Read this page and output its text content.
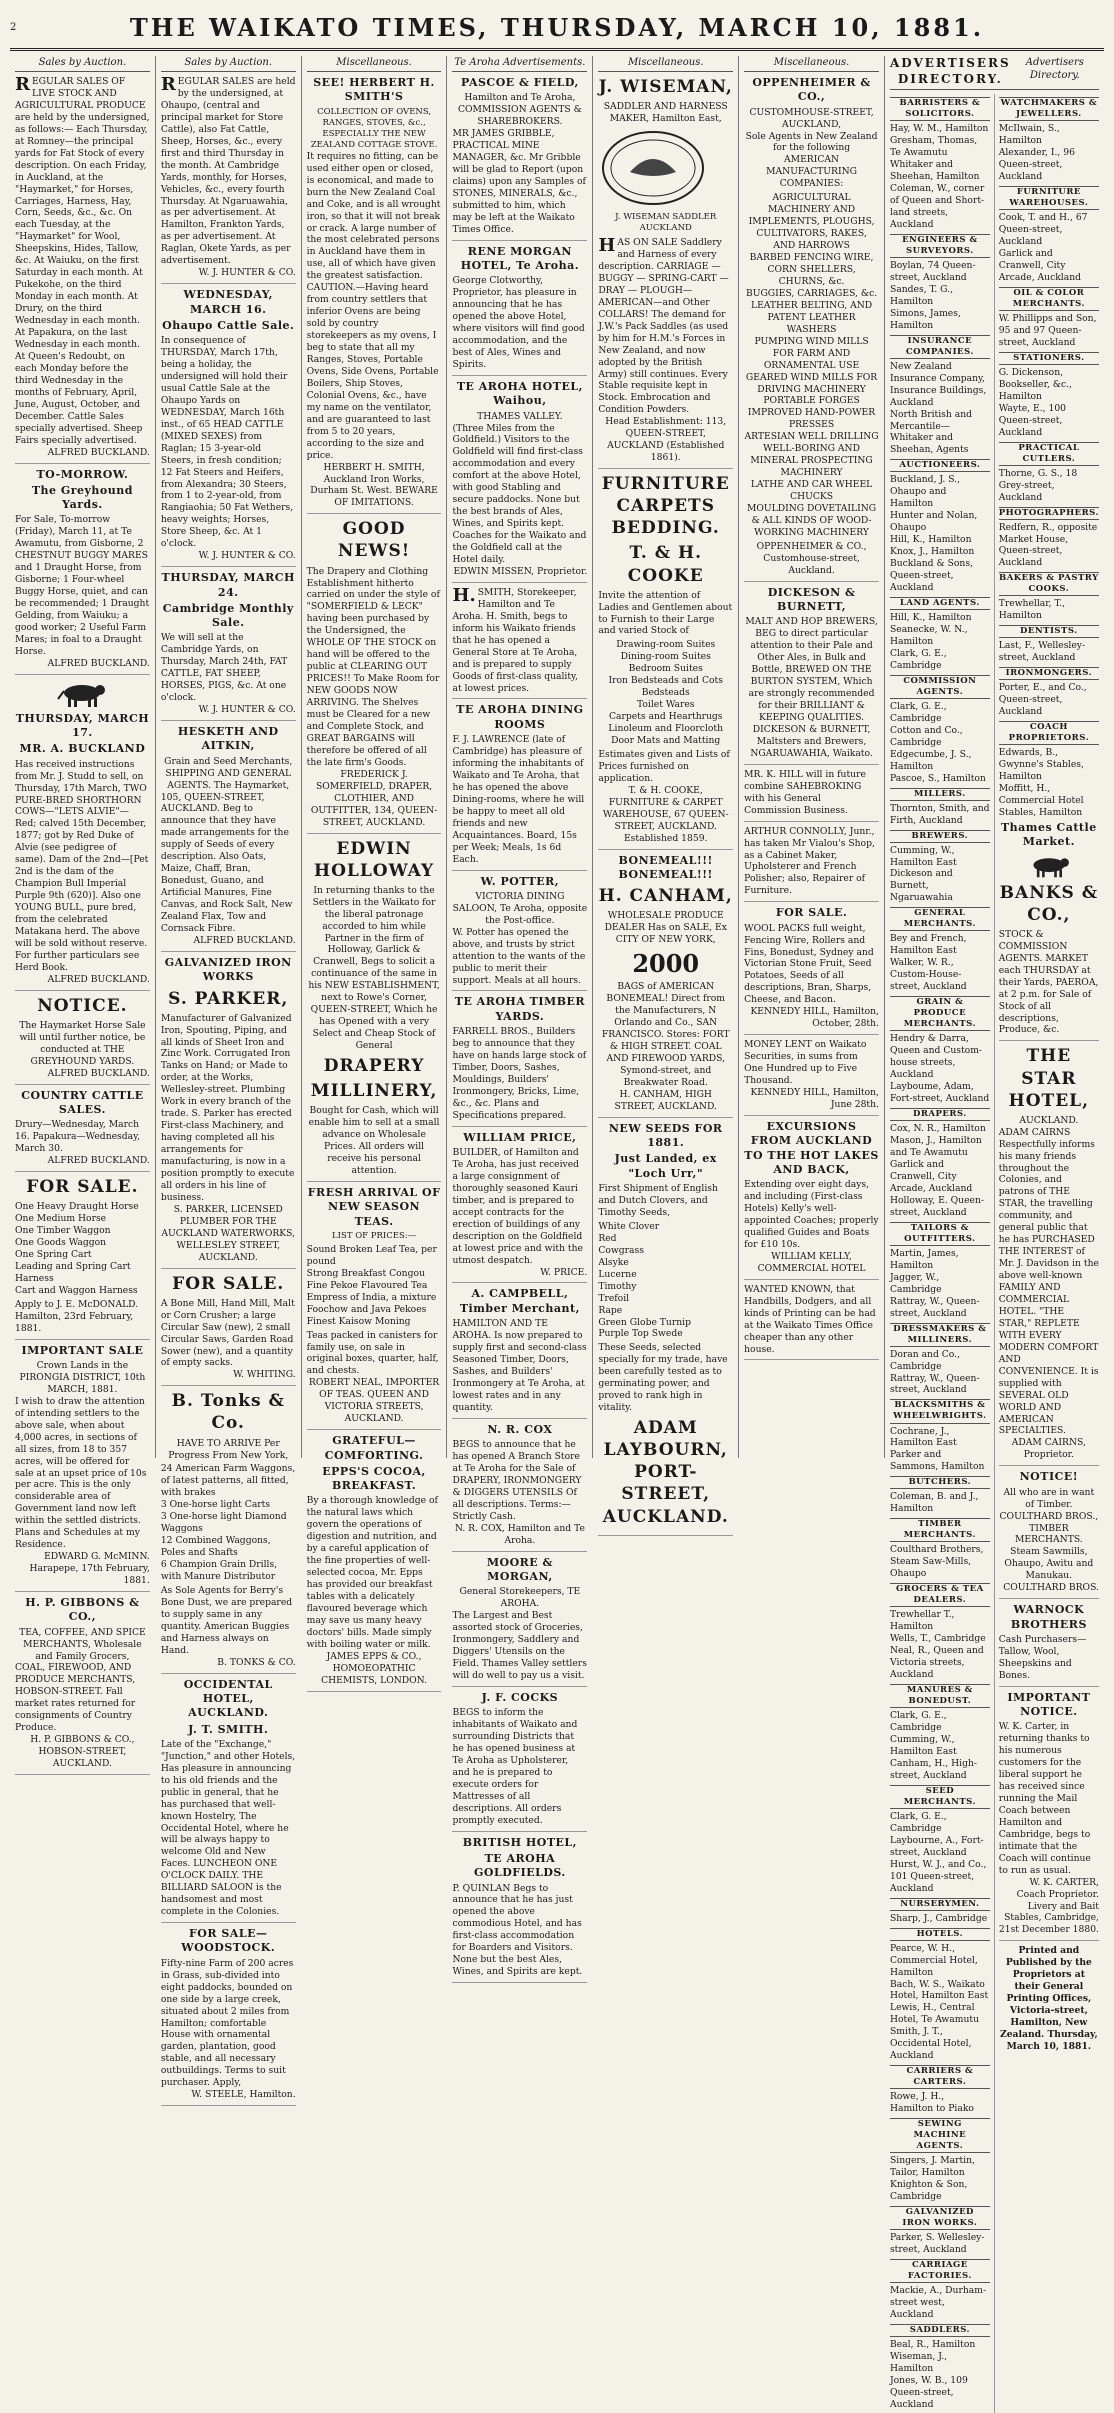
2	THE WAIKATO TIMES, THURSDAY, MARCH 10, 1881.
Sales by Auction.
REGULAR SALES OF LIVE STOCK AND AGRICULTURAL PRODUCE are held by the undersigned, as follows:— Each Thursday, at Romney—the principal yards for Fat Stock of every description. On each Friday, in Auckland, at the "Haymarket," for Horses, Carriages, Harness, Hay, Corn, Seeds, &c., &c. On each Tuesday, at the "Haymarket" for Wool, Sheepskins, Hides, Tallow, &c. At Waiuku, on the first Saturday in each month. At Pukekohe, on the third Monday in each month. At Drury, on the third Wednesday in each month. At Papakura, on the last Wednesday in each month. At Queen's Redoubt, on each Monday before the third Wednesday in the months of February, April, June, August, October, and December. Cattle Sales specially advertised. Sheep Fairs specially advertised.
ALFRED BUCKLAND.
TO-MORROW.
The Greyhound Yards.
For Sale, To-morrow (Friday), March 11, at Te Awamutu, from Gisborne, 2 CHESTNUT BUGGY MARES and 1 Draught Horse, from Gisborne; 1 Four-wheel Buggy Horse, quiet, and can be recommended; 1 Draught Gelding, from Waiuku; a good worker; 2 Useful Farm Mares; in foal to a Draught Horse.
ALFRED BUCKLAND.
THURSDAY, MARCH 17.
MR. A. BUCKLAND
Has received instructions from Mr. J. Studd to sell, on Thursday, 17th March, TWO PURE-BRED SHORTHORN COWS—"LETS ALVIE"—Red; calved 15th December, 1877; got by Red Duke of Alvie (see pedigree of same). Dam of the 2nd—[Pet 2nd is the dam of the Champion Bull Imperial Purple 9th (620)]. Also one YOUNG BULL, pure bred, from the celebrated Matakana herd. The above will be sold without reserve. For further particulars see Herd Book.
ALFRED BUCKLAND.
NOTICE.
The Haymarket Horse Sale will until further notice, be conducted at THE GREYHOUND YARDS.
ALFRED BUCKLAND.
COUNTRY CATTLE SALES.
Drury—Wednesday, March 16. Papakura—Wednesday, March 30.
ALFRED BUCKLAND.
FOR SALE.
One Heavy Draught Horse
One Medium Horse
One Timber Waggon
One Goods Waggon
One Spring Cart
Leading and Spring Cart Harness
Cart and Waggon Harness
Apply to J. E. McDONALD. Hamilton, 23rd February, 1881.
IMPORTANT SALE
Crown Lands in the PIRONGIA DISTRICT, 10th MARCH, 1881.
I wish to draw the attention of intending settlers to the above sale, when about 4,000 acres, in sections of all sizes, from 18 to 357 acres, will be offered for sale at an upset price of 10s per acre. This is the only considerable area of Government land now left within the settled districts. Plans and Schedules at my Residence.
EDWARD G. McMINN. Harapepe, 17th February, 1881.
H. P. GIBBONS & CO.,
TEA, COFFEE, AND SPICE MERCHANTS, Wholesale and Family Grocers,
COAL, FIREWOOD, AND PRODUCE MERCHANTS, HOBSON-STREET. Fall market rates returned for consignments of Country Produce.
H. P. GIBBONS & CO., HOBSON-STREET, AUCKLAND.
Sales by Auction.
REGULAR SALES are held by the undersigned, at Ohaupo, (central and principal market for Store Cattle), also Fat Cattle, Sheep, Horses, &c., every first and third Thursday in the month. At Cambridge Yards, monthly, for Horses, Vehicles, &c., every fourth Thursday. At Ngaruawahia, as per advertisement. At Hamilton, Frankton Yards, as per advertisement. At Raglan, Okete Yards, as per advertisement.
W. J. HUNTER & CO.
WEDNESDAY, MARCH 16.
Ohaupo Cattle Sale.
In consequence of THURSDAY, March 17th, being a holiday, the undersigned will hold their usual Cattle Sale at the Ohaupo Yards on WEDNESDAY, March 16th inst., of 65 HEAD CATTLE (MIXED SEXES) from Raglan; 15 3-year-old Steers, in fresh condition; 12 Fat Steers and Heifers, from Alexandra; 30 Steers, from 1 to 2-year-old, from Rangiaohia; 50 Fat Wethers, heavy weights; Horses, Store Sheep, &c. At 1 o'clock.
W. J. HUNTER & CO.
THURSDAY, MARCH 24.
Cambridge Monthly Sale.
We will sell at the Cambridge Yards, on Thursday, March 24th, FAT CATTLE, FAT SHEEP, HORSES, PIGS, &c. At one o'clock.
W. J. HUNTER & CO.
HESKETH AND AITKIN,
Grain and Seed Merchants, SHIPPING AND GENERAL AGENTS. The Haymarket,
105, QUEEN-STREET, AUCKLAND. Beg to announce that they have made arrangements for the supply of Seeds of every description. Also Oats, Maize, Chaff, Bran, Bonedust, Guano, and Artificial Manures, Fine Canvas, and Rock Salt, New Zealand Flax, Tow and Cornsack Fibre.
ALFRED BUCKLAND.
GALVANIZED IRON WORKS
S. PARKER,
Manufacturer of Galvanized Iron, Spouting, Piping, and all kinds of Sheet Iron and Zinc Work. Corrugated Iron Tanks on Hand; or Made to order, at the Works, Wellesley-street. Plumbing Work in every branch of the trade. S. Parker has erected First-class Machinery, and having completed all his arrangements for manufacturing, is now in a position promptly to execute all orders in his line of business.
S. PARKER, LICENSED PLUMBER FOR THE AUCKLAND WATERWORKS, WELLESLEY STREET, AUCKLAND.
FOR SALE.
A Bone Mill, Hand Mill, Malt or Corn Crusher; a large Circular Saw (new), 2 small Circular Saws, Garden Road Sower (new), and a quantity of empty sacks.
W. WHITING.
B. Tonks & Co.
HAVE TO ARRIVE Per Progress From New York,
24 American Farm Waggons, of latest patterns, all fitted, with brakes
3 One-horse light Carts
3 One-horse light Diamond Waggons
12 Combined Waggons, Poles and Shafts
6 Champion Grain Drills, with Manure Distributor
As Sole Agents for Berry's Bone Dust, we are prepared to supply same in any quantity. American Buggies and Harness always on Hand.
B. TONKS & CO.
OCCIDENTAL HOTEL, AUCKLAND.
J. T. SMITH.
Late of the "Exchange," "Junction," and other Hotels, Has pleasure in announcing to his old friends and the public in general, that he has purchased that well-known Hostelry, The Occidental Hotel, where he will be always happy to welcome Old and New Faces. LUNCHEON ONE O'CLOCK DAILY. THE BILLIARD SALOON is the handsomest and most complete in the Colonies.
FOR SALE—WOODSTOCK.
Fifty-nine Farm of 200 acres in Grass, sub-divided into eight paddocks, bounded on one side by a large creek, situated about 2 miles from Hamilton; comfortable House with ornamental garden, plantation, good stable, and all necessary outbuildings. Terms to suit purchaser. Apply,
W. STEELE, Hamilton.
Miscellaneous.
SEE! HERBERT H. SMITH'S
COLLECTION OF OVENS, RANGES, STOVES, &c., ESPECIALLY THE NEW ZEALAND COTTAGE STOVE.
It requires no fitting, can be used either open or closed, is economical, and made to burn the New Zealand Coal and Coke, and is all wrought iron, so that it will not break or crack. A large number of the most celebrated persons in Auckland have them in use, all of which have given the greatest satisfaction. CAUTION.—Having heard from country settlers that inferior Ovens are being sold by country storekeepers as my ovens, I beg to state that all my Ranges, Stoves, Portable Ovens, Side Ovens, Portable Boilers, Ship Stoves, Colonial Ovens, &c., have my name on the ventilator, and are guaranteed to last from 5 to 20 years, according to the size and price.
HERBERT H. SMITH, Auckland Iron Works, Durham St. West. BEWARE OF IMITATIONS.
GOOD NEWS!
The Drapery and Clothing Establishment hitherto carried on under the style of "SOMERFIELD & LECK" having been purchased by the Undersigned, the WHOLE OF THE STOCK on hand will be offered to the public at CLEARING OUT PRICES!! To Make Room for NEW GOODS NOW ARRIVING. The Shelves must be Cleared for a new and Complete Stock, and GREAT BARGAINS will therefore be offered of all the late firm's Goods.
FREDERICK J. SOMERFIELD, DRAPER, CLOTHIER, AND OUTFITTER, 134, QUEEN-STREET, AUCKLAND.
EDWIN HOLLOWAY
In returning thanks to the Settlers in the Waikato for the liberal patronage accorded to him while Partner in the firm of Holloway, Garlick & Cranwell, Begs to solicit a continuance of the same in his NEW ESTABLISHMENT, next to Rowe's Corner, QUEEN-STREET, Which he has Opened with a very Select and Cheap Stock of General
DRAPERY
MILLINERY,
Bought for Cash, which will enable him to sell at a small advance on Wholesale Prices. All orders will receive his personal attention.
FRESH ARRIVAL OF NEW SEASON TEAS.
LIST OF PRICES:—
Sound Broken Leaf Tea, per pound
Strong Breakfast Congou
Fine Pekoe Flavoured Tea
Empress of India, a mixture
Foochow and Java Pekoes
Finest Kaisow Moning
Teas packed in canisters for family use, on sale in original boxes, quarter, half, and chests.
ROBERT NEAL, IMPORTER OF TEAS. QUEEN AND VICTORIA STREETS, AUCKLAND.
GRATEFUL—COMFORTING.
EPPS'S COCOA, BREAKFAST.
By a thorough knowledge of the natural laws which govern the operations of digestion and nutrition, and by a careful application of the fine properties of well-selected cocoa, Mr. Epps has provided our breakfast tables with a delicately flavoured beverage which may save us many heavy doctors' bills. Made simply with boiling water or milk.
JAMES EPPS & CO., HOMOEOPATHIC CHEMISTS, LONDON.
Te Aroha Advertisements.
PASCOE & FIELD,
Hamilton and Te Aroha, COMMISSION AGENTS & SHAREBROKERS.
MR JAMES GRIBBLE, PRACTICAL MINE MANAGER, &c. Mr Gribble will be glad to Report (upon claims) upon any Samples of STONES, MINERALS, &c., submitted to him, which may be left at the Waikato Times Office.
RENE MORGAN HOTEL, Te Aroha.
George Clotworthy, Proprietor, has pleasure in announcing that he has opened the above Hotel, where visitors will find good accommodation, and the best of Ales, Wines and Spirits.
TE AROHA HOTEL, Waihou,
THAMES VALLEY.
(Three Miles from the Goldfield.) Visitors to the Goldfield will find first-class accommodation and every comfort at the above Hotel, with good Stabling and secure paddocks. None but the best brands of Ales, Wines, and Spirits kept. Coaches for the Waikato and the Goldfield call at the Hotel daily.
EDWIN MISSEN, Proprietor.
H.SMITH, Storekeeper, Hamilton and Te Aroha. H. Smith, begs to inform his Waikato friends that he has opened a General Store at Te Aroha, and is prepared to supply Goods of first-class quality, at lowest prices.
TE AROHA DINING ROOMS
F. J. LAWRENCE (late of Cambridge) has pleasure of informing the inhabitants of Waikato and Te Aroha, that he has opened the above Dining-rooms, where he will be happy to meet all old friends and new Acquaintances. Board, 15s per Week; Meals, 1s 6d Each.
W. POTTER,
VICTORIA DINING SALOON, Te Aroha, opposite the Post-office.
W. Potter has opened the above, and trusts by strict attention to the wants of the public to merit their support. Meals at all hours.
TE AROHA TIMBER YARDS.
FARRELL BROS., Builders beg to announce that they have on hands large stock of Timber, Doors, Sashes, Mouldings, Builders' Ironmongery, Bricks, Lime, &c., &c. Plans and Specifications prepared.
WILLIAM PRICE,
BUILDER, of Hamilton and Te Aroha, has just received a large consignment of thoroughly seasoned Kauri timber, and is prepared to accept contracts for the erection of buildings of any description on the Goldfield at lowest price and with the utmost despatch.
W. PRICE.
A. CAMPBELL, Timber Merchant,
HAMILTON AND TE AROHA. Is now prepared to supply first and second-class Seasoned Timber, Doors, Sashes, and Builders' Ironmongery at Te Aroha, at lowest rates and in any quantity.
N. R. COX
BEGS to announce that he has opened A Branch Store at Te Aroha for the Sale of DRAPERY, IRONMONGERY & DIGGERS UTENSILS Of all descriptions. Terms:—Strictly Cash.
N. R. COX, Hamilton and Te Aroha.
MOORE & MORGAN,
General Storekeepers, TE AROHA.
The Largest and Best assorted stock of Groceries, Ironmongery, Saddlery and Diggers' Utensils on the Field. Thames Valley settlers will do well to pay us a visit.
J. F. COCKS
BEGS to inform the inhabitants of Waikato and surrounding Districts that he has opened business at Te Aroha as Upholsterer, and he is prepared to execute orders for Mattresses of all descriptions. All orders promptly executed.
BRITISH HOTEL,
TE AROHA GOLDFIELDS.
P. QUINLAN Begs to announce that he has just opened the above commodious Hotel, and has first-class accommodation for Boarders and Visitors. None but the best Ales, Wines, and Spirits are kept.
Miscellaneous.
J. WISEMAN,
SADDLER AND HARNESS MAKER, Hamilton East,
J. WISEMAN SADDLER AUCKLAND
HAS ON SALE Saddlery and Harness of every description. CARRIAGE — BUGGY — SPRING-CART — DRAY — PLOUGH—AMERICAN—and Other COLLARS! The demand for J.W.'s Pack Saddles (as used by him for H.M.'s Forces in New Zealand, and now adopted by the British Army) still continues. Every Stable requisite kept in Stock. Embrocation and Condition Powders.
Head Establishment: 113, QUEEN-STREET, AUCKLAND (Established 1861).
FURNITURE CARPETS BEDDING.
T. & H. COOKE
Invite the attention of Ladies and Gentlemen about to Furnish to their Large and varied Stock of
Drawing-room Suites
Dining-room Suites
Bedroom Suites
Iron Bedsteads and Cots
Bedsteads
Toilet Wares
Carpets and Hearthrugs
Linoleum and Floorcloth
Door Mats and Matting
Estimates given and Lists of Prices furnished on application.
T. & H. COOKE, FURNITURE & CARPET WAREHOUSE, 67 QUEEN-STREET, AUCKLAND. Established 1859.
BONEMEAL!!! BONEMEAL!!!
H. CANHAM,
WHOLESALE PRODUCE DEALER Has on SALE, Ex CITY OF NEW YORK,
2000
BAGS of AMERICAN BONEMEAL! Direct from the Manufacturers, N Orlando and Co., SAN FRANCISCO. Stores: FORT & HIGH STREET. COAL AND FIREWOOD YARDS, Symond-street, and Breakwater Road.
H. CANHAM, HIGH STREET, AUCKLAND.
NEW SEEDS FOR 1881.
Just Landed, ex "Loch Urr,"
First Shipment of English and Dutch Clovers, and Timothy Seeds,
White Clover
Red
Cowgrass
Alsyke
Lucerne
Timothy
Trefoil
Rape
Green Globe Turnip
Purple Top Swede
These Seeds, selected specially for my trade, have been carefully tested as to germinating power, and proved to rank high in vitality.
ADAM LAYBOURN, PORT-STREET, AUCKLAND.
Miscellaneous.
OPPENHEIMER & CO.,
CUSTOMHOUSE-STREET, AUCKLAND,
Sole Agents in New Zealand for the following AMERICAN MANUFACTURING COMPANIES:
AGRICULTURAL MACHINERY AND IMPLEMENTS, PLOUGHS, CULTIVATORS, RAKES, AND HARROWS
BARBED FENCING WIRE, CORN SHELLERS, CHURNS, &c.
BUGGIES, CARRIAGES, &c.
LEATHER BELTING, AND PATENT LEATHER WASHERS
PUMPING WIND MILLS FOR FARM AND ORNAMENTAL USE
GEARED WIND MILLS FOR DRIVING MACHINERY
PORTABLE FORGES
IMPROVED HAND-POWER PRESSES
ARTESIAN WELL DRILLING WELL-BORING AND MINERAL PROSPECTING MACHINERY
LATHE AND CAR WHEEL CHUCKS
MOULDING DOVETAILING & ALL KINDS OF WOOD-WORKING MACHINERY
OPPENHEIMER & CO., Customhouse-street, Auckland.
DICKESON & BURNETT,
MALT AND HOP BREWERS, BEG to direct particular attention to their Pale and Other Ales, in Bulk and Bottle, BREWED ON THE BURTON SYSTEM, Which are strongly recommended for their BRILLIANT & KEEPING QUALITIES.
DICKESON & BURNETT, Maltsters and Brewers, NGARUAWAHIA, Waikato.
MR. K. HILL will in future combine SAHEBROKING with his General Commission Business.
ARTHUR CONNOLLY, Junr., has taken Mr Vialou's Shop, as a Cabinet Maker, Upholsterer and French Polisher; also, Repairer of Furniture.
FOR SALE.
WOOL PACKS full weight, Fencing Wire, Rollers and Fins, Bonedust, Sydney and Victorian Stone Fruit, Seed Potatoes, Seeds of all descriptions, Bran, Sharps, Cheese, and Bacon.
KENNEDY HILL, Hamilton, October, 28th.
MONEY LENT on Waikato Securities, in sums from One Hundred up to Five Thousand.
KENNEDY HILL, Hamilton, June 28th.
EXCURSIONS FROM AUCKLAND TO THE HOT LAKES AND BACK,
Extending over eight days, and including (First-class Hotels) Kelly's well-appointed Coaches; properly qualified Guides and Boats for £10 10s.
WILLIAM KELLY, COMMERCIAL HOTEL
WANTED KNOWN, that Handbills, Dodgers, and all kinds of Printing can be had at the Waikato Times Office cheaper than any other house.
ADVERTISERS DIRECTORY.
Advertisers Directory.
BARRISTERS & SOLICITORS.
Hay, W. M., Hamilton
Gresham, Thomas, Te Awamutu
Whitaker and Sheehan, Hamilton
Coleman, W., corner of Queen and Short-land streets, Auckland
ENGINEERS & SURVEYORS.
Boylan, 74 Queen-street, Auckland
Sandes, T. G., Hamilton
Simons, James, Hamilton
INSURANCE COMPANIES.
New Zealand Insurance Company, Insurance Buildings, Auckland
North British and Mercantile—Whitaker and Sheehan, Agents
AUCTIONEERS.
Buckland, J. S., Ohaupo and Hamilton
Hunter and Nolan, Ohaupo
Hill, K., Hamilton
Knox, J., Hamilton
Buckland & Sons, Queen-street, Auckland
LAND AGENTS.
Hill, K., Hamilton
Seanecke, W. N., Hamilton
Clark, G. E., Cambridge
COMMISSION AGENTS.
Clark, G. E., Cambridge
Cotton and Co., Cambridge
Edgecumbe, J. S., Hamilton
Pascoe, S., Hamilton
MILLERS.
Thornton, Smith, and Firth, Auckland
BREWERS.
Cumming, W., Hamilton East
Dickeson and Burnett, Ngaruawahia
GENERAL MERCHANTS.
Bey and French, Hamilton East
Walker, W. R., Custom-House-street, Auckland
GRAIN & PRODUCE MERCHANTS.
Hendry & Darra, Queen and Custom-house streets, Auckland
Layboume, Adam, Fort-street, Auckland
DRAPERS.
Cox, N. R., Hamilton
Mason, J., Hamilton and Te Awamutu
Garlick and Cranwell, City Arcade, Auckland
Holloway, E. Queen-street, Auckland
TAILORS & OUTFITTERS.
Martin, James, Hamilton
Jagger, W., Cambridge
Rattray, W., Queen-street, Auckland
DRESSMAKERS & MILLINERS.
Doran and Co., Cambridge
Rattray, W., Queen-street, Auckland
BLACKSMITHS & WHEELWRIGHTS.
Cochrane, J., Hamilton East
Parker and Sammons, Hamilton
BUTCHERS.
Coleman, B. and J., Hamilton
TIMBER MERCHANTS.
Coulthard Brothers, Steam Saw-Mills, Ohaupo
GROCERS & TEA DEALERS.
Trewhellar T., Hamilton
Wells, T., Cambridge
Neal, R., Queen and Victoria streets, Auckland
MANURES & BONEDUST.
Clark, G. E., Cambridge
Cumming, W., Hamilton East
Canham, H., High-street, Auckland
SEED MERCHANTS.
Clark, G. E., Cambridge
Laybourne, A., Fort-street, Auckland
Hurst, W. J., and Co., 101 Queen-street, Auckland
NURSERYMEN.
Sharp, J., Cambridge
HOTELS.
Pearce, W. H., Commercial Hotel, Hamilton
Bach, W. S., Waikato Hotel, Hamilton East
Lewis, H., Central Hotel, Te Awamutu
Smith, J. T., Occidental Hotel, Auckland
CARRIERS & CARTERS.
Rowe, J. H., Hamilton to Piako
SEWING MACHINE AGENTS.
Singers, J. Martin, Tailor, Hamilton
Knighton & Son, Cambridge
GALVANIZED IRON WORKS.
Parker, S. Wellesley-street, Auckland
CARRIAGE FACTORIES.
Mackie, A., Durham-street west, Auckland
SADDLERS.
Beal, R., Hamilton
Wiseman, J., Hamilton
Jones, W. B., 109 Queen-street, Auckland
WATCHMAKERS & JEWELLERS.
McIlwain, S., Hamilton
Alexander, I., 96 Queen-street, Auckland
FURNITURE WAREHOUSES.
Cook, T. and H., 67 Queen-street, Auckland
Garlick and Cranwell, City Arcade, Auckland
OIL & COLOR MERCHANTS.
W. Phillipps and Son, 95 and 97 Queen-street, Auckland
STATIONERS.
G. Dickenson, Bookseller, &c., Hamilton
Wayte, E., 100 Queen-street, Auckland
PRACTICAL CUTLERS.
Thorne, G. S., 18 Grey-street, Auckland
PHOTOGRAPHERS.
Redfern, R., opposite Market House, Queen-street, Auckland
BAKERS & PASTRY COOKS.
Trewhellar, T., Hamilton
DENTISTS.
Last, F., Wellesley-street, Auckland
IRONMONGERS.
Porter, E., and Co., Queen-street, Auckland
COACH PROPRIETORS.
Edwards, B., Gwynne's Stables, Hamilton
Moffitt, H., Commercial Hotel Stables, Hamilton
Thames Cattle Market.
BANKS & CO.,
STOCK & COMMISSION AGENTS. MARKET each THURSDAY at their Yards, PAEROA, at 2 p.m. for Sale of Stock of all descriptions, Produce, &c.
THE STAR HOTEL,
AUCKLAND.
ADAM CAIRNS Respectfully informs his many friends throughout the Colonies, and patrons of THE STAR, the travelling community, and general public that he has PURCHASED THE INTEREST of Mr. J. Davidson in the above well-known FAMILY AND COMMERCIAL HOTEL. "THE STAR," REPLETE WITH EVERY MODERN COMFORT AND CONVENIENCE. It is supplied with SEVERAL OLD WORLD AND AMERICAN SPECIALTIES.
ADAM CAIRNS, Proprietor.
NOTICE!
All who are in want of Timber.
COULTHARD BROS., TIMBER MERCHANTS. Steam Sawmills, Ohaupo, Awitu and Manukau.
COULTHARD BROS.
WARNOCK BROTHERS
Cash Purchasers—Tallow, Wool, Sheepskins and Bones.
IMPORTANT NOTICE.
W. K. Carter, in returning thanks to his numerous customers for the liberal support he has received since running the Mail Coach between Hamilton and Cambridge, begs to intimate that the Coach will continue to run as usual.
W. K. CARTER, Coach Proprietor. Livery and Bait Stables, Cambridge, 21st December 1880.
Printed and Published by the Proprietors at their General Printing Offices, Victoria-street, Hamilton, New Zealand. Thursday, March 10, 1881.
